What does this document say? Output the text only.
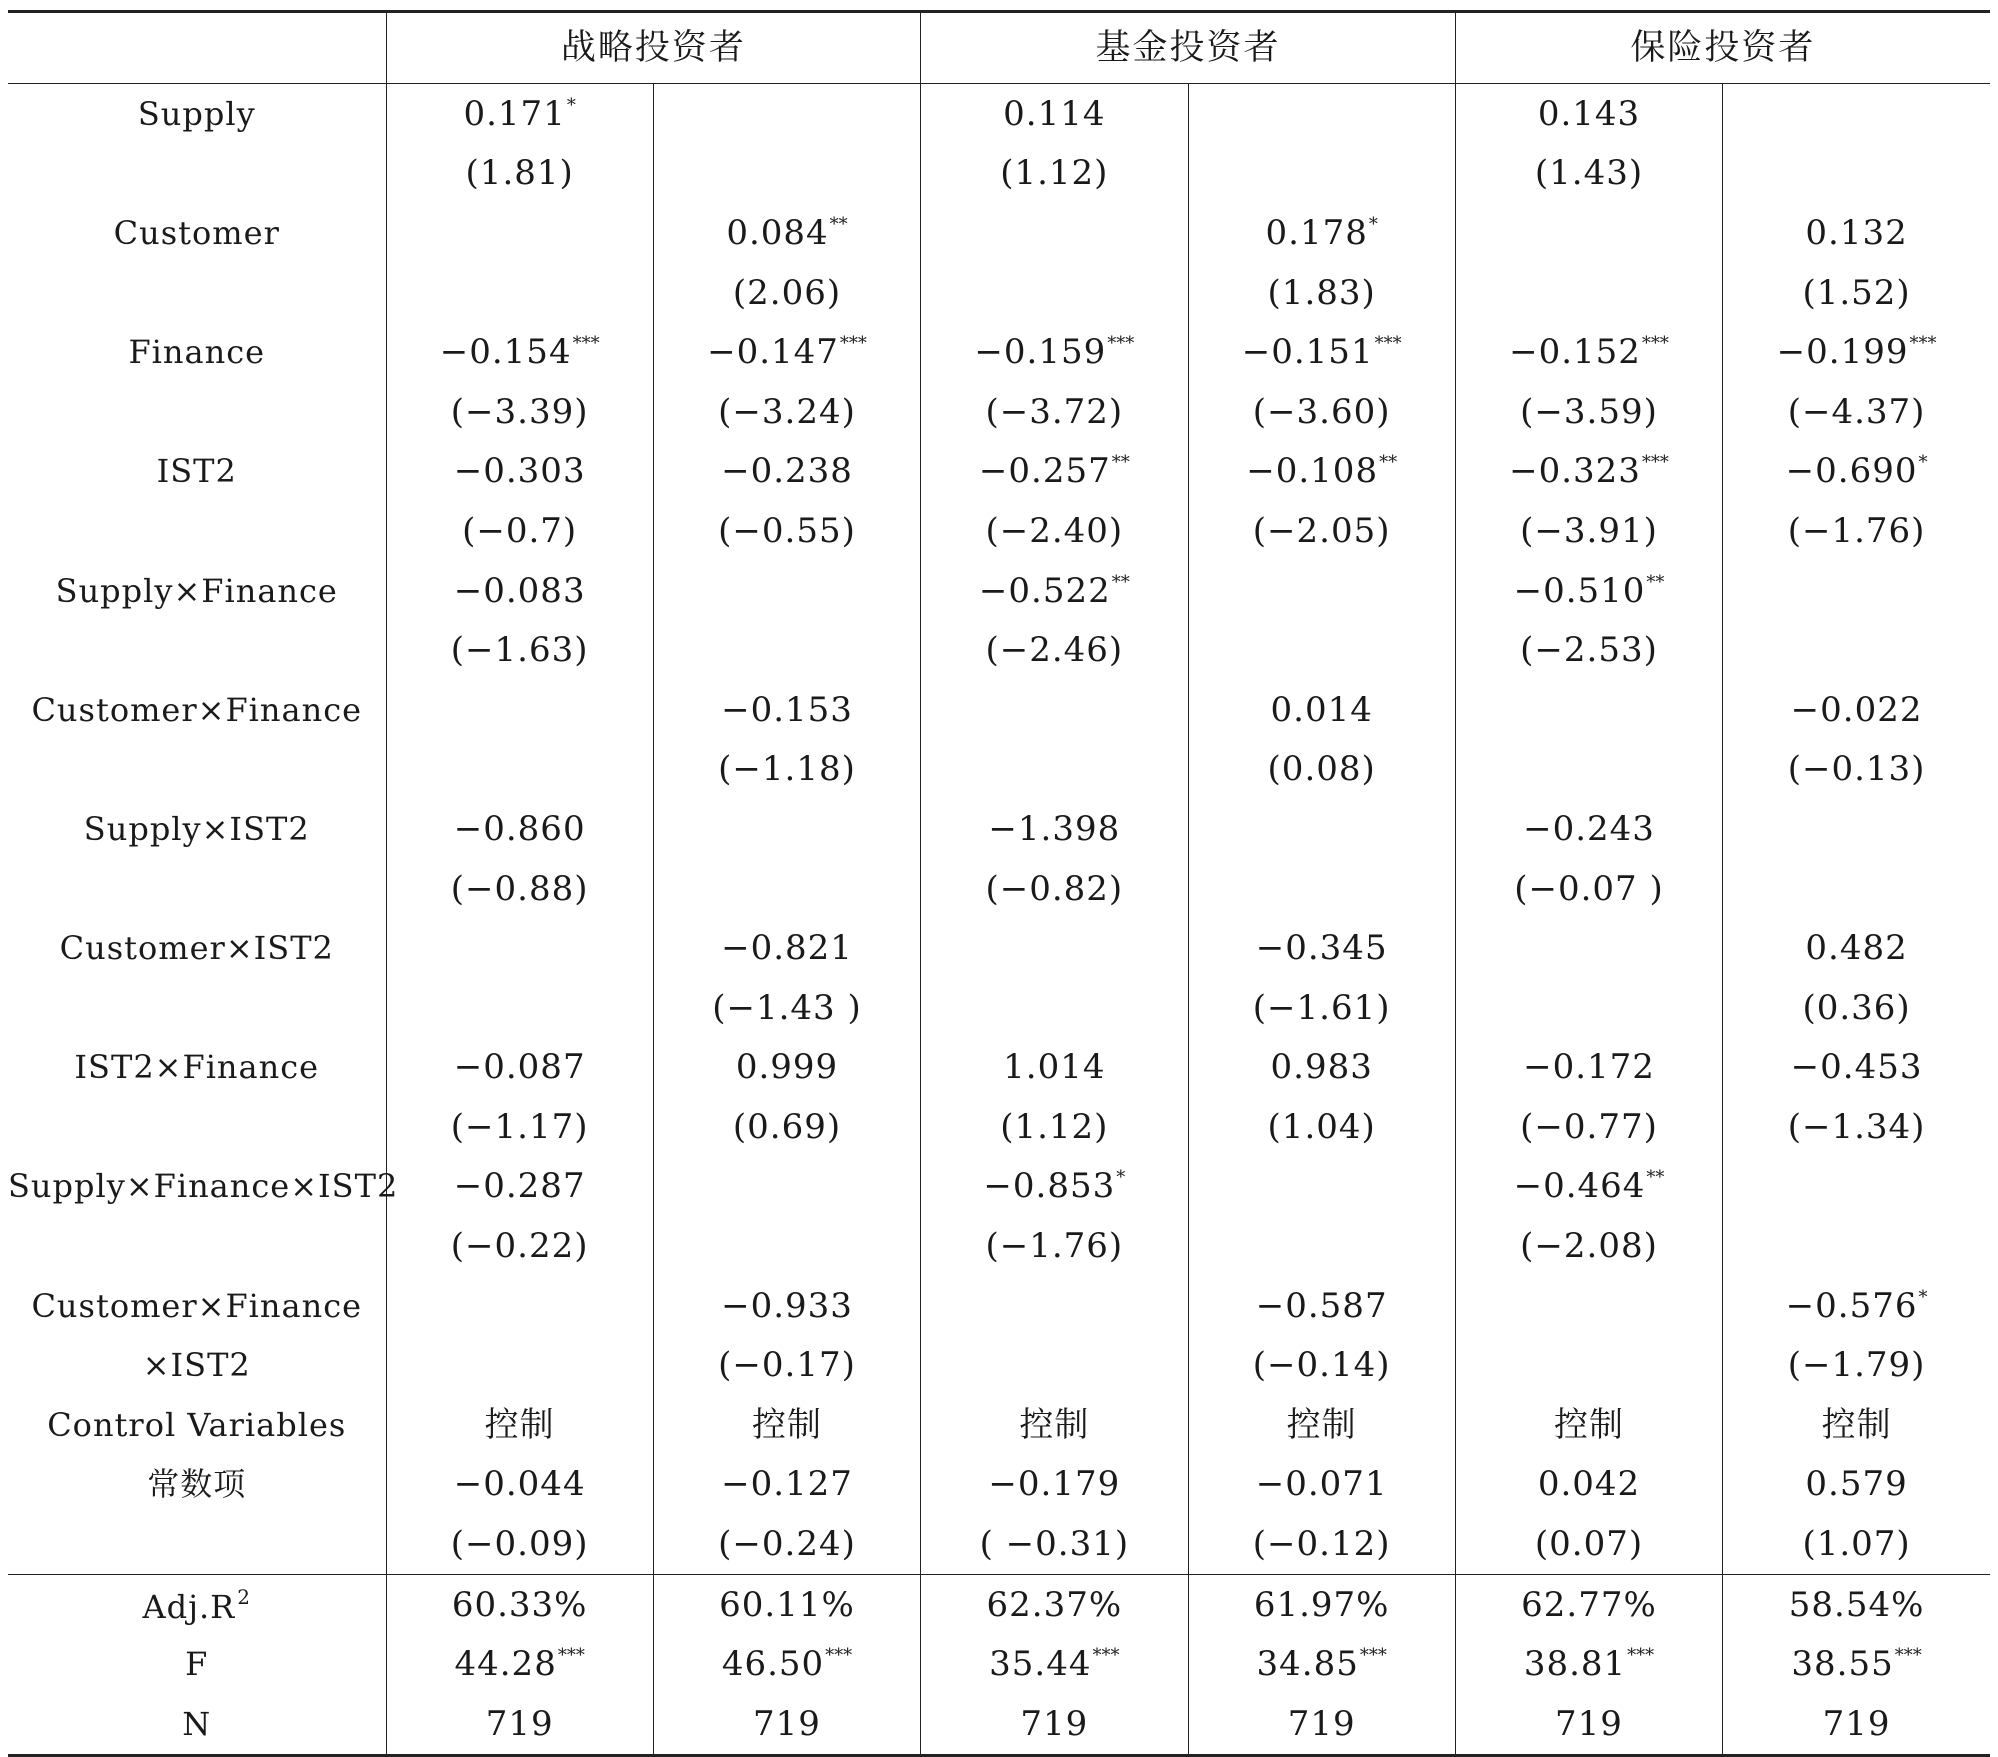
	战略投资者		基金投资者		保险投资者	
Supply	0.171*		0.114		0.143	
	(1.81)		(1.12)		(1.43)	
Customer		0.084**		0.178*		0.132
		(2.06)		(1.83)		(1.52)
Finance	−0.154***	−0.147***	−0.159***	−0.151***	−0.152***	−0.199***
	(−3.39)	(−3.24)	(−3.72)	(−3.60)	(−3.59)	(−4.37)
IST2	−0.303	−0.238	−0.257**	−0.108**	−0.323***	−0.690*
	(−0.7)	(−0.55)	(−2.40)	(−2.05)	(−3.91)	(−1.76)
Supply×Finance	−0.083		−0.522**		−0.510**	
	(−1.63)		(−2.46)		(−2.53)	
Customer×Finance		−0.153		0.014		−0.022
		(−1.18)		(0.08)		(−0.13)
Supply×IST2	−0.860		−1.398		−0.243	
	(−0.88)		(−0.82)		(−0.07 )	
Customer×IST2		−0.821		−0.345		0.482
		(−1.43 )		(−1.61)		(0.36)
IST2×Finance	−0.087	0.999	1.014	0.983	−0.172	−0.453
	(−1.17)	(0.69)	(1.12)	(1.04)	(−0.77)	(−1.34)
Supply×Finance×IST2	−0.287		−0.853*		−0.464**	
	(−0.22)		(−1.76)		(−2.08)	
Customer×Finance		−0.933		−0.587		−0.576*
×IST2		(−0.17)		(−0.14)		(−1.79)
Control Variables	控制	控制	控制	控制	控制	控制
常数项	−0.044	−0.127	−0.179	−0.071	0.042	0.579
	(−0.09)	(−0.24)	( −0.31)	(−0.12)	(0.07)	(1.07)
Adj.R $^2$	60.33%	60.11%	62.37%	61.97%	62.77%	58.54%
F	44.28***	46.50***	35.44***	34.85***	38.81***	38.55***
N	719	719	719	719	719	719
